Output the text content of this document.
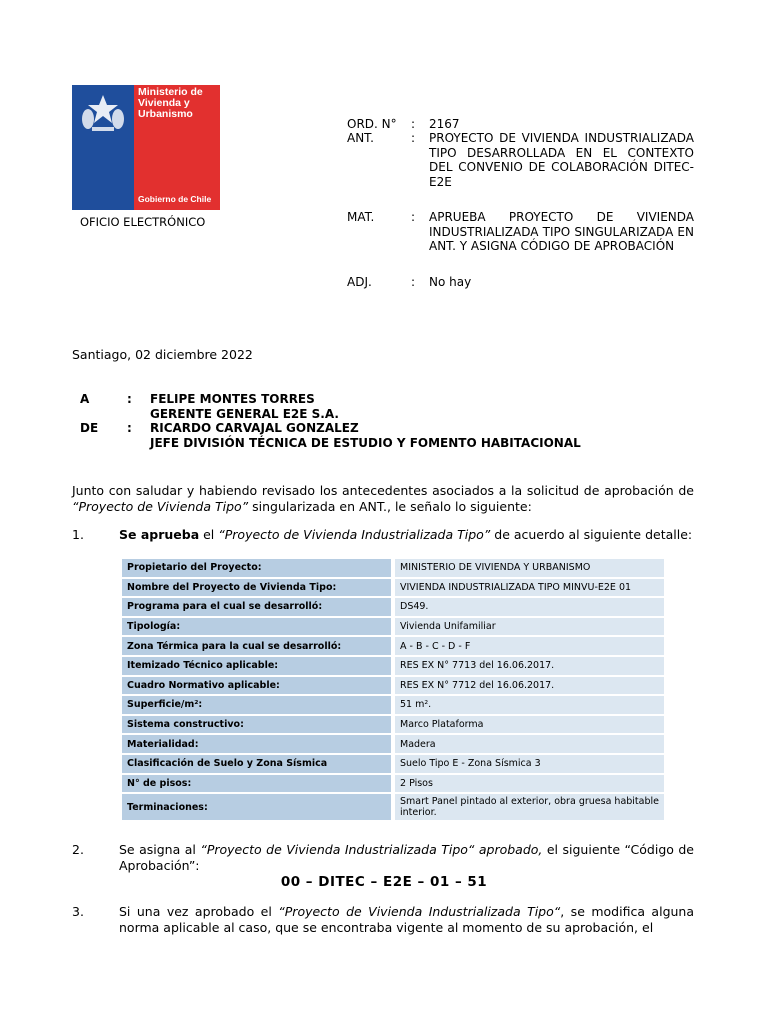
Ministerio de Vivienda y Urbanismo
Gobierno de Chile
OFICIO ELECTRÓNICO
ORD. N° : 2167
ANT.	: PROYECTO DE VIVIENDA INDUSTRIALIZADA TIPO DESARROLLADA EN EL CONTEXTO DEL CONVENIO DE COLABORACIÓN DITEC-E2E
MAT.	: APRUEBA PROYECTO DE VIVIENDA INDUSTRIALIZADA TIPO SINGULARIZADA EN ANT. Y ASIGNA CÓDIGO DE APROBACIÓN
ADJ.	: No hay
Santiago, 02 diciembre 2022
A	: FELIPE MONTES TORRES
GERENTE GENERAL E2E S.A.
DE : RICARDO CARVAJAL GONZALEZ
JEFE DIVISIÓN TÉCNICA DE ESTUDIO Y FOMENTO HABITACIONAL
Junto con saludar y habiendo revisado los antecedentes asociados a la solicitud de aprobación de “Proyecto de Vivienda Tipo” singularizada en ANT., le señalo lo siguiente:
1.	Se aprueba el “Proyecto de Vivienda Industrializada Tipo” de acuerdo al siguiente detalle:
Propietario del Proyecto:	MINISTERIO DE VIVIENDA Y URBANISMO
Nombre del Proyecto de Vivienda Tipo:	VIVIENDA INDUSTRIALIZADA TIPO MINVU-E2E 01
Programa para el cual se desarrolló:	DS49.
Tipología:	Vivienda Unifamiliar
Zona Térmica para la cual se desarrolló:	A - B - C - D - F
Itemizado Técnico aplicable:	RES EX N° 7713 del 16.06.2017.
Cuadro Normativo aplicable:	RES EX N° 7712 del 16.06.2017.
Superficie/m²:	51 m².
Sistema constructivo:	Marco Plataforma
Materialidad:	Madera
Clasificación de Suelo y Zona Sísmica	Suelo Tipo E - Zona Sísmica 3
N° de pisos:	2 Pisos
Terminaciones:	Smart Panel pintado al exterior, obra gruesa habitable interior.
2.	Se asigna al “Proyecto de Vivienda Industrializada Tipo“ aprobado, el siguiente “Código de Aprobación”:
00 – DITEC – E2E – 01 – 51
3.	Si una vez aprobado el “Proyecto de Vivienda Industrializada Tipo“, se modifica alguna norma aplicable al caso, que se encontraba vigente al momento de su aprobación, el
